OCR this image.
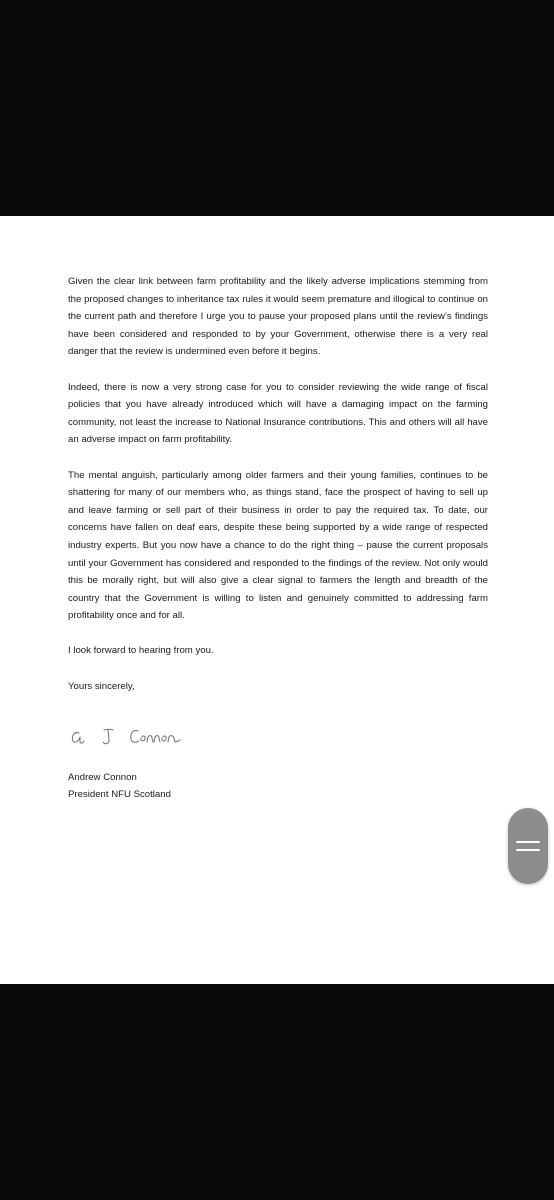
Given the clear link between farm profitability and the likely adverse implications stemming from the proposed changes to inheritance tax rules it would seem premature and illogical to continue on the current path and therefore I urge you to pause your proposed plans until the review’s findings have been considered and responded to by your Government, otherwise there is a very real danger that the review is undermined even before it begins.

Indeed, there is now a very strong case for you to consider reviewing the wide range of fiscal policies that you have already introduced which will have a damaging impact on the farming community, not least the increase to National Insurance contributions. This and others will all have an adverse impact on farm profitability.

The mental anguish, particularly among older farmers and their young families, continues to be shattering for many of our members who, as things stand, face the prospect of having to sell up and leave farming or sell part of their business in order to pay the required tax. To date, our concerns have fallen on deaf ears, despite these being supported by a wide range of respected industry experts. But you now have a chance to do the right thing – pause the current proposals until your Government has considered and responded to the findings of the review. Not only would this be morally right, but will also give a clear signal to farmers the length and breadth of the country that the Government is willing to listen and genuinely committed to addressing farm profitability once and for all.

I look forward to hearing from you.

Yours sincerely,

Andrew Connon

President NFU Scotland
